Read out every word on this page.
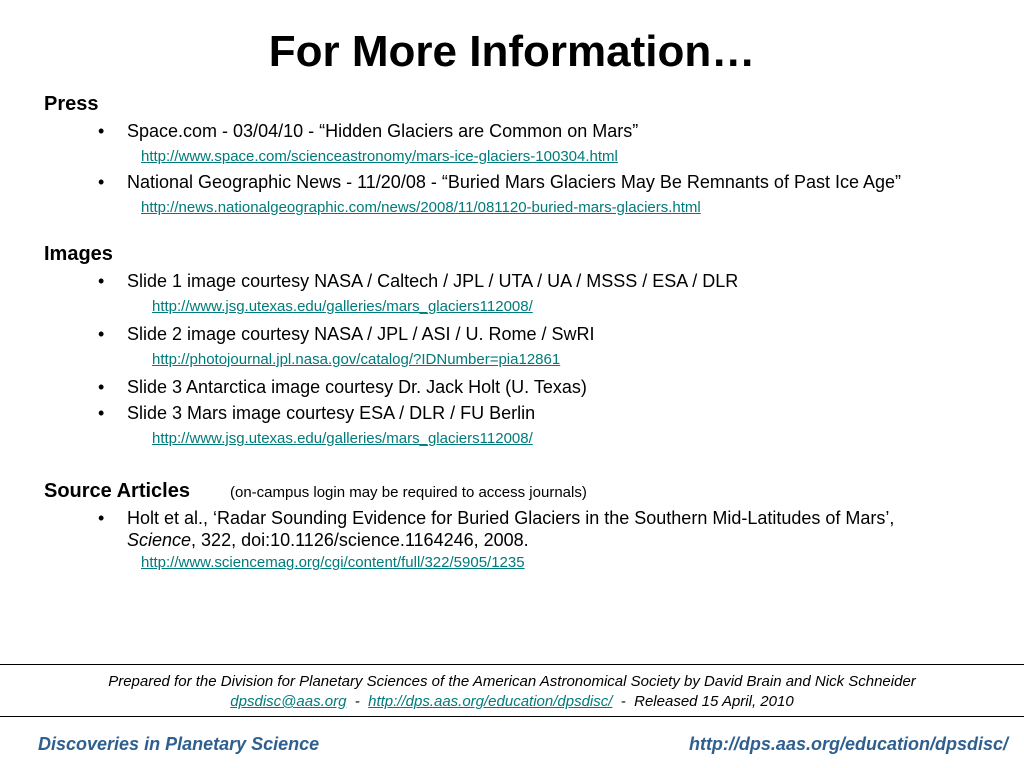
For More Information…
Press
• Space.com - 03/04/10 - “Hidden Glaciers are Common on Mars”
http://www.space.com/scienceastronomy/mars-ice-glaciers-100304.html
• National Geographic News - 11/20/08 - “Buried Mars Glaciers May Be Remnants of Past Ice Age”
http://news.nationalgeographic.com/news/2008/11/081120-buried-mars-glaciers.html
Images
• Slide 1 image courtesy NASA / Caltech / JPL / UTA / UA / MSSS / ESA / DLR
http://www.jsg.utexas.edu/galleries/mars_glaciers112008/
• Slide 2 image courtesy NASA / JPL / ASI / U. Rome / SwRI
http://photojournal.jpl.nasa.gov/catalog/?IDNumber=pia12861
• Slide 3 Antarctica image courtesy Dr. Jack Holt (U. Texas)
• Slide 3 Mars image courtesy ESA / DLR / FU Berlin
http://www.jsg.utexas.edu/galleries/mars_glaciers112008/
Source Articles	(on-campus login may be required to access journals)
• Holt et al., ‘Radar Sounding Evidence for Buried Glaciers in the Southern Mid-Latitudes of Mars’,
Science, 322, doi:10.1126/science.1164246, 2008.
http://www.sciencemag.org/cgi/content/full/322/5905/1235
Prepared for the Division for Planetary Sciences of the American Astronomical Society by David Brain and Nick Schneider
dpsdisc@aas.org - http://dps.aas.org/education/dpsdisc/ - Released 15 April, 2010
Discoveries in Planetary Science	http://dps.aas.org/education/dpsdisc/
